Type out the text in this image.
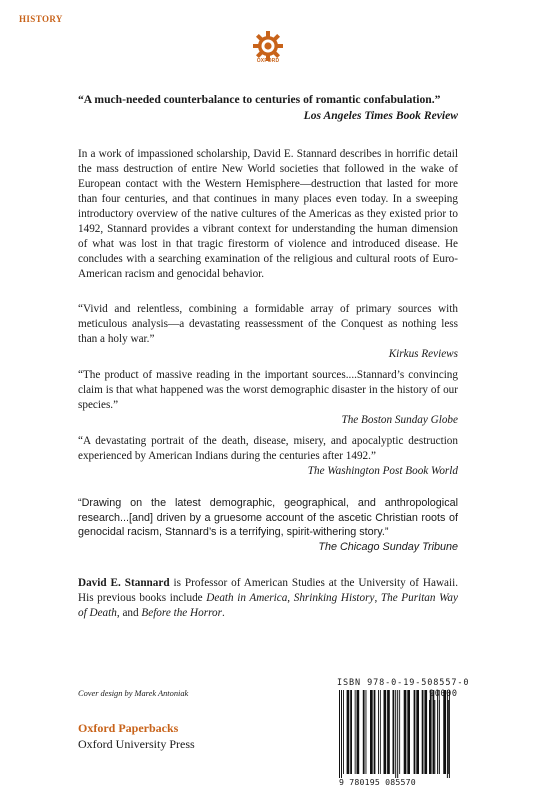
HISTORY
OXFORD

“A much-needed counterbalance to centuries of romantic confabulation.”

Los Angeles Times Book Review

In a work of impassioned scholarship, David E. Stannard describes in horrific detail the mass destruction of entire New World societies that followed in the wake of European contact with the Western Hemisphere—destruction that lasted for more than four centuries, and that continues in many places even today. In a sweeping introductory overview of the native cultures of the Americas as they existed prior to 1492, Stannard provides a vibrant context for understanding the human dimension of what was lost in that tragic firestorm of violence and introduced disease. He concludes with a searching examination of the religious and cultural roots of Euro-American racism and genocidal behavior.

“Vivid and relentless, combining a formidable array of primary sources with meticulous analysis—a devastating reassessment of the Conquest as nothing less than a holy war.”

Kirkus Reviews

“The product of massive reading in the important sources....Stannard’s convincing claim is that what happened was the worst demographic disaster in the history of our species.”

The Boston Sunday Globe

“A devastating portrait of the death, disease, misery, and apocalyptic destruction experienced by American Indians during the centuries after 1492.”

The Washington Post Book World

“Drawing on the latest demographic, geographical, and anthropological research...[and] driven by a gruesome account of the ascetic Christian roots of genocidal racism, Stannard’s is a terrifying, spirit-withering story.”

The Chicago Sunday Tribune

David E. Stannard is Professor of American Studies at the University of Hawaii. His previous books include Death in America, Shrinking History, The Puritan Way of Death, and Before the Horror.

Cover design by Marek Antoniak
Oxford Paperbacks
Oxford University Press
ISBN 978-0-19-508557-0
90000
9 780195 085570
